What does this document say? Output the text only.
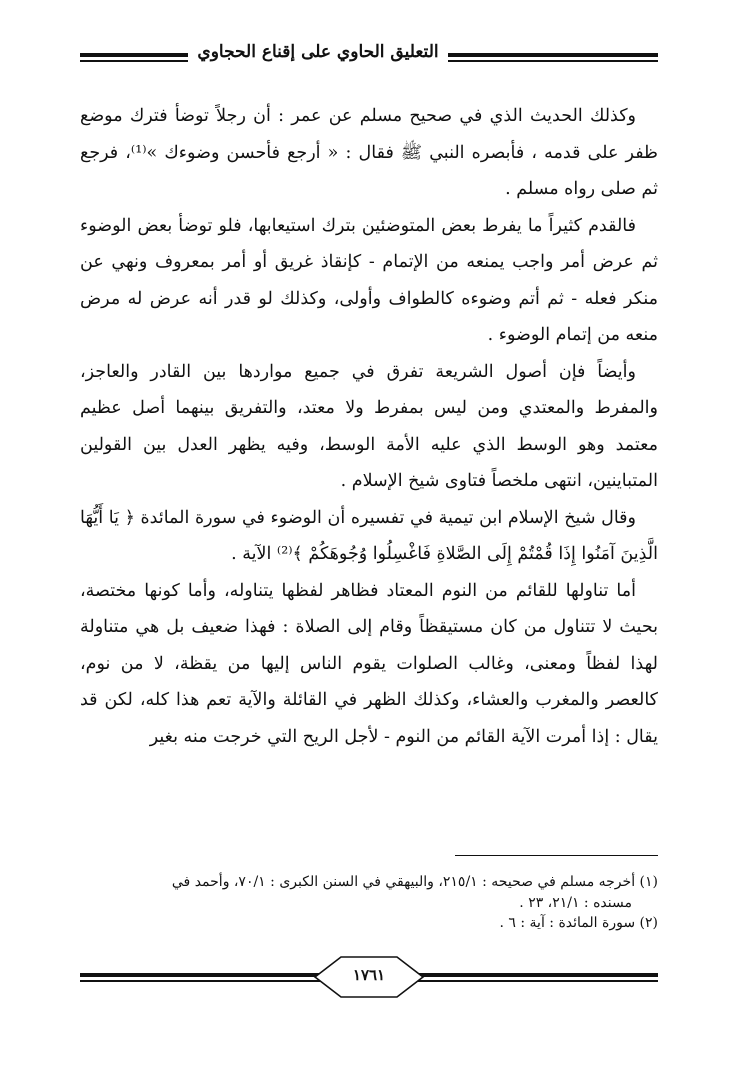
التعليق الحاوي على إقناع الحجاوي

وكذلك الحديث الذي في صحيح مسلم عن عمر : أن رجلاً توضأ فترك موضع ظفر على قدمه ، فأبصره النبي ﷺ فقال : « أرجع فأحسن وضوءك »⁽¹⁾، فرجع ثم صلى رواه مسلم .

فالقدم كثيراً ما يفرط بعض المتوضئين بترك استيعابها، فلو توضأ بعض الوضوء ثم عرض أمر واجب يمنعه من الإتمام - كإنقاذ غريق أو أمر بمعروف ونهي عن منكر فعله - ثم أتم وضوءه كالطواف وأولى، وكذلك لو قدر أنه عرض له مرض منعه من إتمام الوضوء .

وأيضاً فإن أصول الشريعة تفرق في جميع مواردها بين القادر والعاجز، والمفرط والمعتدي ومن ليس بمفرط ولا معتد، والتفريق بينهما أصل عظيم معتمد وهو الوسط الذي عليه الأمة الوسط، وفيه يظهر العدل بين القولين المتباينين، انتهى ملخصاً فتاوى شيخ الإسلام .

وقال شيخ الإسلام ابن تيمية في تفسيره أن الوضوء في سورة المائدة ﴿ يَا أَيُّهَا الَّذِينَ آمَنُوا إِذَا قُمْتُمْ إِلَى الصَّلاةِ فَاغْسِلُوا وُجُوهَكُمْ ﴾⁽²⁾ الآية .

أما تناولها للقائم من النوم المعتاد فظاهر لفظها يتناوله، وأما كونها مختصة، بحيث لا تتناول من كان مستيقظاً وقام إلى الصلاة : فهذا ضعيف بل هي متناولة لهذا لفظاً ومعنى، وغالب الصلوات يقوم الناس إليها من يقظة، لا من نوم، كالعصر والمغرب والعشاء، وكذلك الظهر في القائلة والآية تعم هذا كله، لكن قد يقال : إذا أمرت الآية القائم من النوم - لأجل الريح التي خرجت منه بغير

(١) أخرجه مسلم في صحيحه : ٢١٥/١، والبيهقي في السنن الكبرى : ٧٠/١، وأحمد في

مسنده : ٢١/١، ٢٣ .

(٢) سورة المائدة : آية : ٦ .

١٧٦١
